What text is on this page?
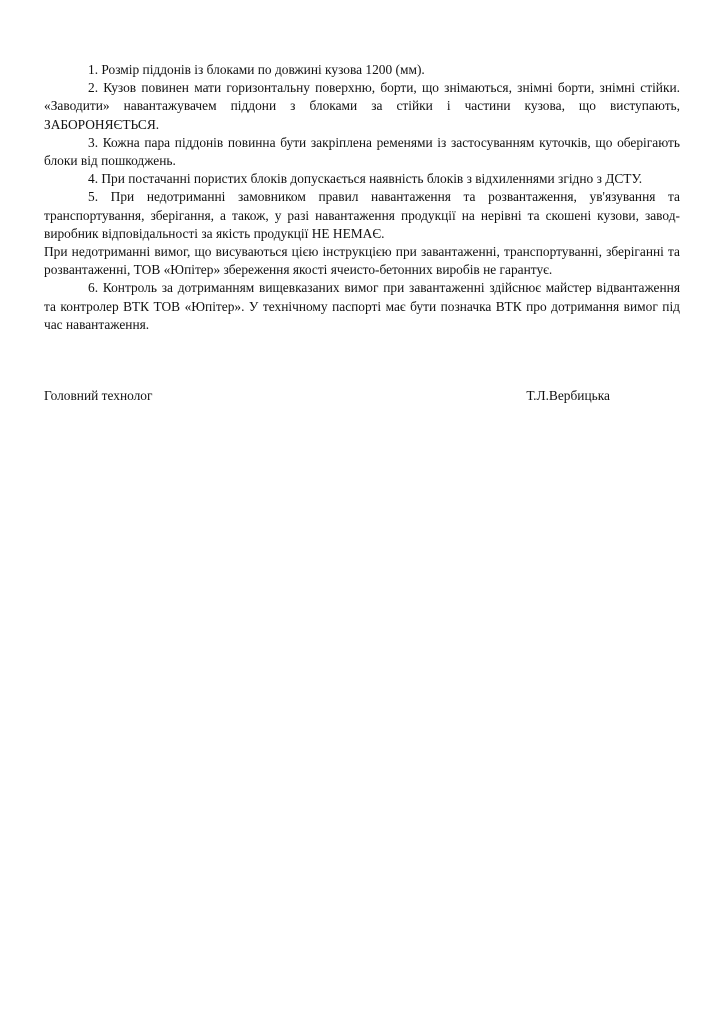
1. Розмір піддонів із блоками по довжині кузова 1200 (мм).

2. Кузов повинен мати горизонтальну поверхню, борти, що знімаються, знімні борти, знімні стійки. «Заводити» навантажувачем піддони з блоками за стійки і частини кузова, що виступають, ЗАБОРОНЯЄТЬСЯ.

3. Кожна пара піддонів повинна бути закріплена ременями із застосуванням куточків, що оберігають блоки від пошкоджень.

4. При постачанні пористих блоків допускається наявність блоків з відхиленнями згідно з ДСТУ.

5. При недотриманні замовником правил навантаження та розвантаження, ув'язування та транспортування, зберігання, а також, у разі навантаження продукції на нерівні та скошені кузови, завод-виробник відповідальності за якість продукції НЕ НЕМАЄ.

При недотриманні вимог, що висуваються цією інструкцією при завантаженні, транспортуванні, зберіганні та розвантаженні, ТОВ «Юпітер» збереження якості ячеисто-бетонних виробів не гарантує.

6. Контроль за дотриманням вищевказаних вимог при завантаженні здійснює майстер відвантаження та контролер ВТК ТОВ «Юпітер». У технічному паспорті має бути позначка ВТК про дотримання вимог під час навантаження.

Головний технолог	Т.Л.Вербицька
